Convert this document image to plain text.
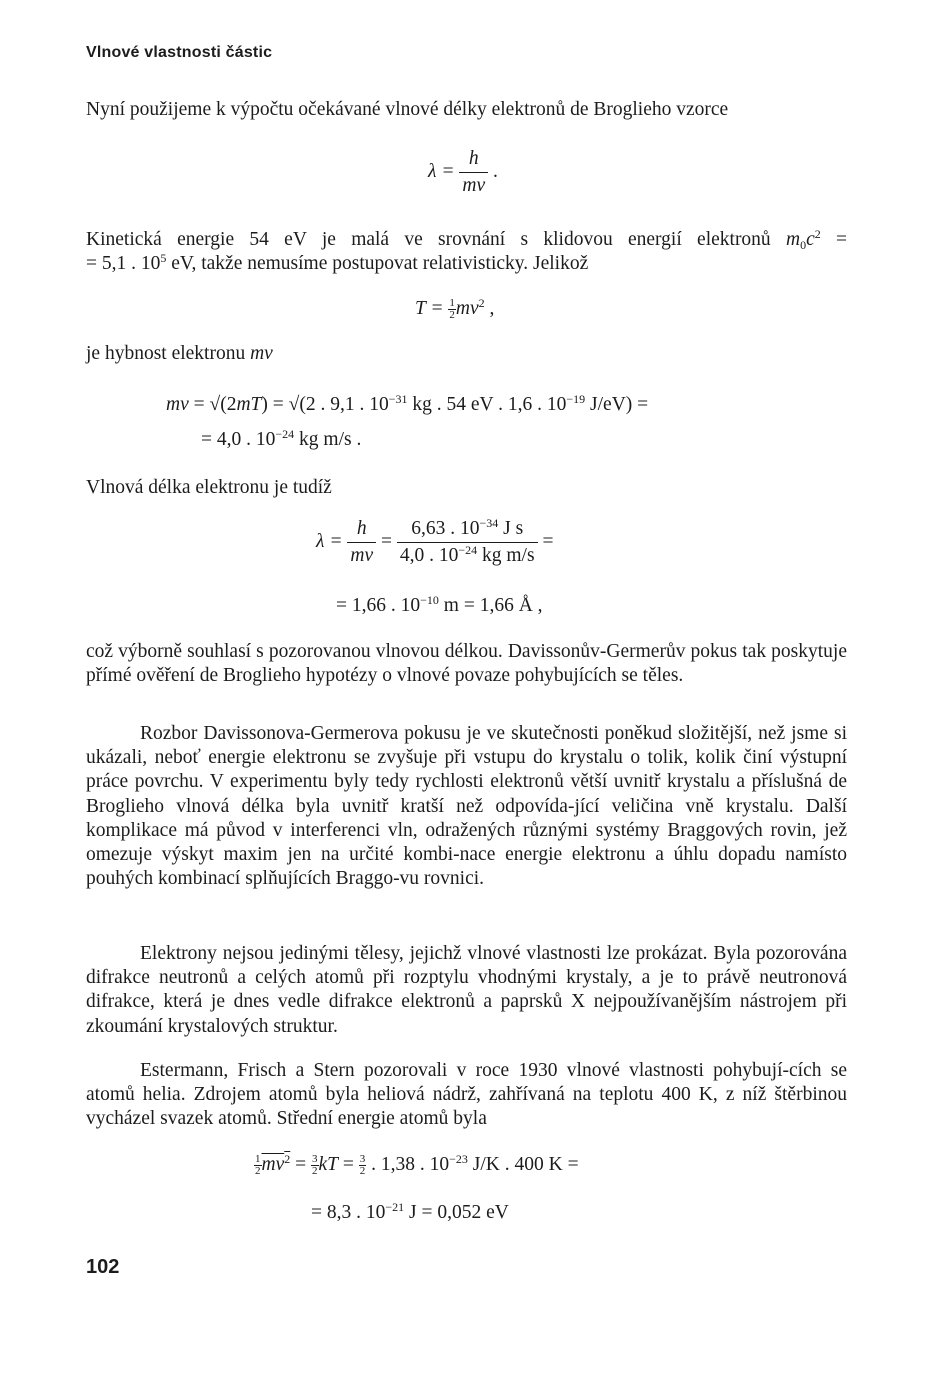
Vlnové vlastnosti částic

Nyní použijeme k výpočtu očekávané vlnové délky elektronů de Broglieho vzorce

$\lambda = \frac{h}{mv}$ .
Kinetická energie 54 eV je malá ve srovnání s klidovou energií elektronů $m_0c^2$ =
= 5,1 . $10^5$ eV, takže nemusíme postupovat relativisticky. Jelikož
$T = \frac{1}{2} mv^2$ ,
je hybnost elektronu mv
mv = √(2mT) = √(2 . 9,1 . $10^{-31}$ kg . 54 eV . 1,6 . $10^{-19}$ J/eV) =
= 4,0 . $10^{-24}$ kg m/s .
Vlnová délka elektronu je tudíž
$\lambda = \frac{h}{mv} = \frac{6,63 . 10^{-34} J s}{4,0 . 10^{-24} kg m/s}$ =
= 1,66 . $10^{-10}$ m = 1,66 Å ,

což výborně souhlasí s pozorovanou vlnovou délkou. Davissonův-Germerův pokus tak poskytuje přímé ověření de Broglieho hypotézy o vlnové povaze pohybujících se těles.

Rozbor Davissonova-Germerova pokusu je ve skutečnosti poněkud složitější, než jsme si ukázali, neboť energie elektronu se zvyšuje při vstupu do krystalu o tolik, kolik činí výstupní práce povrchu. V experimentu byly tedy rychlosti elektronů větší uvnitř krystalu a příslušná de Broglieho vlnová délka byla uvnitř kratší než odpovída-jící veličina vně krystalu. Další komplikace má původ v interferenci vln, odražených různými systémy Braggových rovin, jež omezuje výskyt maxim jen na určité kombi-nace energie elektronu a úhlu dopadu namísto pouhých kombinací splňujících Braggo-vu rovnici.

Elektrony nejsou jedinými tělesy, jejichž vlnové vlastnosti lze prokázat. Byla pozorována difrakce neutronů a celých atomů při rozptylu vhodnými krystaly, a je to právě neutronová difrakce, která je dnes vedle difrakce elektronů a paprsků X nejpoužívanějším nástrojem při zkoumání krystalových struktur.

Estermann, Frisch a Stern pozorovali v roce 1930 vlnové vlastnosti pohybují-cích se atomů helia. Zdrojem atomů byla heliová nádrž, zahřívaná na teplotu 400 K, z níž štěrbinou vycházel svazek atomů. Střední energie atomů byla

$\frac{1}{2} mv^2 = \frac{3}{2}$ kT = $\frac{3}{2}$ . 1,38 . $10^{-23}$ J/K . 400 K =
= 8,3 . $10^{-21}$ J = 0,052 eV
102
